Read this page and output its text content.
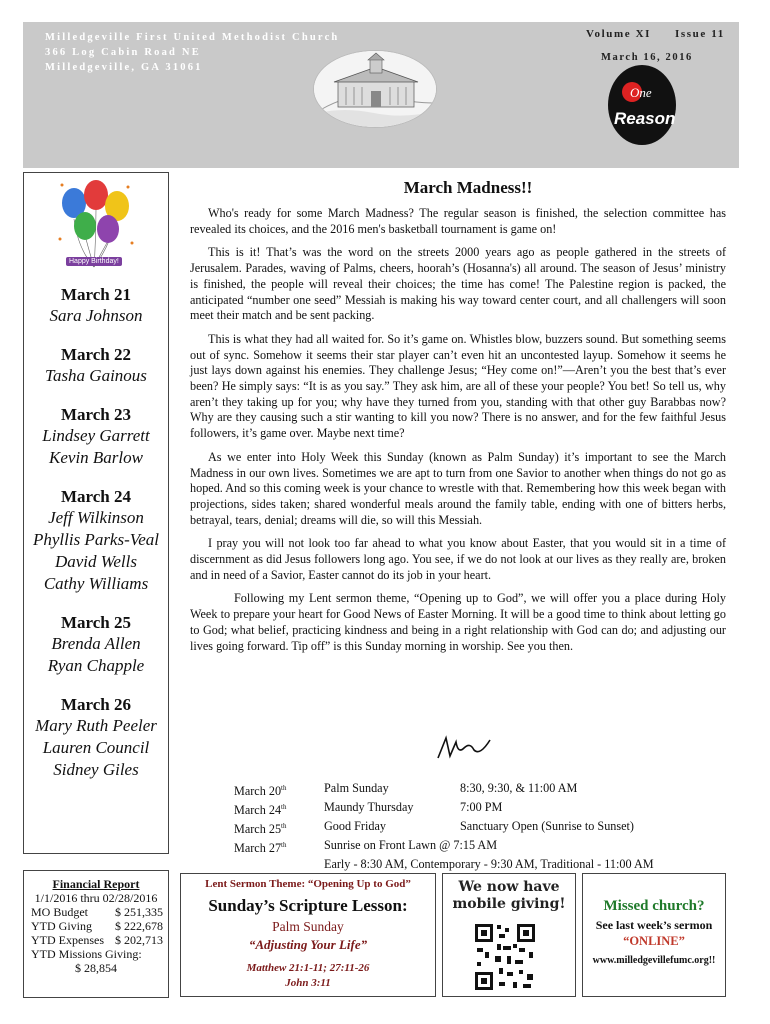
Milledgeville First United Methodist Church
366 Log Cabin Road NE
Milledgeville, GA 31061
Volume XI Issue 11
March 16, 2016
One
Reason
Happy Birthday!
March 21
Sara Johnson
March 22
Tasha Gainous
March 23
Lindsey Garrett
Kevin Barlow
March 24
Jeff Wilkinson
Phyllis Parks-Veal
David Wells
Cathy Williams
March 25
Brenda Allen
Ryan Chapple
March 26
Mary Ruth Peeler
Lauren Council
Sidney Giles
Financial Report
1/1/2016 thru 02/28/2016
MO Budget $ 251,335
YTD Giving $ 222,678
YTD Expenses $ 202,713
YTD Missions Giving:
$ 28,854
March Madness!!

Who's ready for some March Madness? The regular season is finished, the selection committee has revealed its choices, and the 2016 men's basketball tournament is game on!

This is it! That’s was the word on the streets 2000 years ago as people gathered in the streets of Jerusalem. Parades, waving of Palms, cheers, hoorah’s (Hosanna's) all around. The season of Jesus’ ministry is finished, the people will reveal their choices; the time has come! The Palestine region is packed, the anticipated “number one seed” Messiah is making his way toward center court, and all challengers will soon meet their match and be sent packing.

This is what they had all waited for. So it’s game on. Whistles blow, buzzers sound. But something seems out of sync. Somehow it seems their star player can’t even hit an uncontested layup. Somehow it seems he just lays down against his enemies. They challenge Jesus; “Hey come on!”—Aren’t you the best that’s ever been? He simply says: “It is as you say.” They ask him, are all of these your people? You bet! So tell us, why aren’t they taking up for you; why have they turned from you, standing with that other guy Barabbas now? Why are they causing such a stir wanting to kill you now? There is no answer, and for the few faithful Jesus followers, it’s game over. Maybe next time?

As we enter into Holy Week this Sunday (known as Palm Sunday) it’s important to see the March Madness in our own lives. Sometimes we are apt to turn from one Savior to another when things do not go as hoped. And so this coming week is your chance to wrestle with that. Remembering how this week began with projections, sides taken; shared wonderful meals around the family table, ending with one of bitters herbs, betrayal, tears, denial; dreams will die, so will this Messiah.

I pray you will not look too far ahead to what you know about Easter, that you would sit in a time of discernment as did Jesus followers long ago. You see, if we do not look at our lives as they really are, broken and in need of a Savior, Easter cannot do its job in your heart.

Following my Lent sermon theme, “Opening up to God”, we will offer you a place during Holy Week to prepare your heart for Good News of Easter Morning. It will be a good time to think about letting go to God; what belief, practicing kindness and being in a right relationship with God can do; and adjusting our lives going forward. Tip off” is this Sunday morning in worship. See you then.

March 20th	Palm Sunday	8:30, 9:30, & 11:00 AM
March 24th	Maundy Thursday	7:00 PM
March 25th	Good Friday	Sanctuary Open (Sunrise to Sunset)
March 27th	Sunrise on Front Lawn @ 7:15 AM
Early - 8:30 AM, Contemporary - 9:30 AM, Traditional - 11:00 AM
Lent Sermon Theme: “Opening Up to God”
Sunday’s Scripture Lesson:
Palm Sunday
“Adjusting Your Life”
Matthew 21:1-11; 27:11-26
John 3:11
We now have mobile giving!	Missed church?
See last week’s sermon
“ONLINE”
www.milledgevillefumc.org!!
